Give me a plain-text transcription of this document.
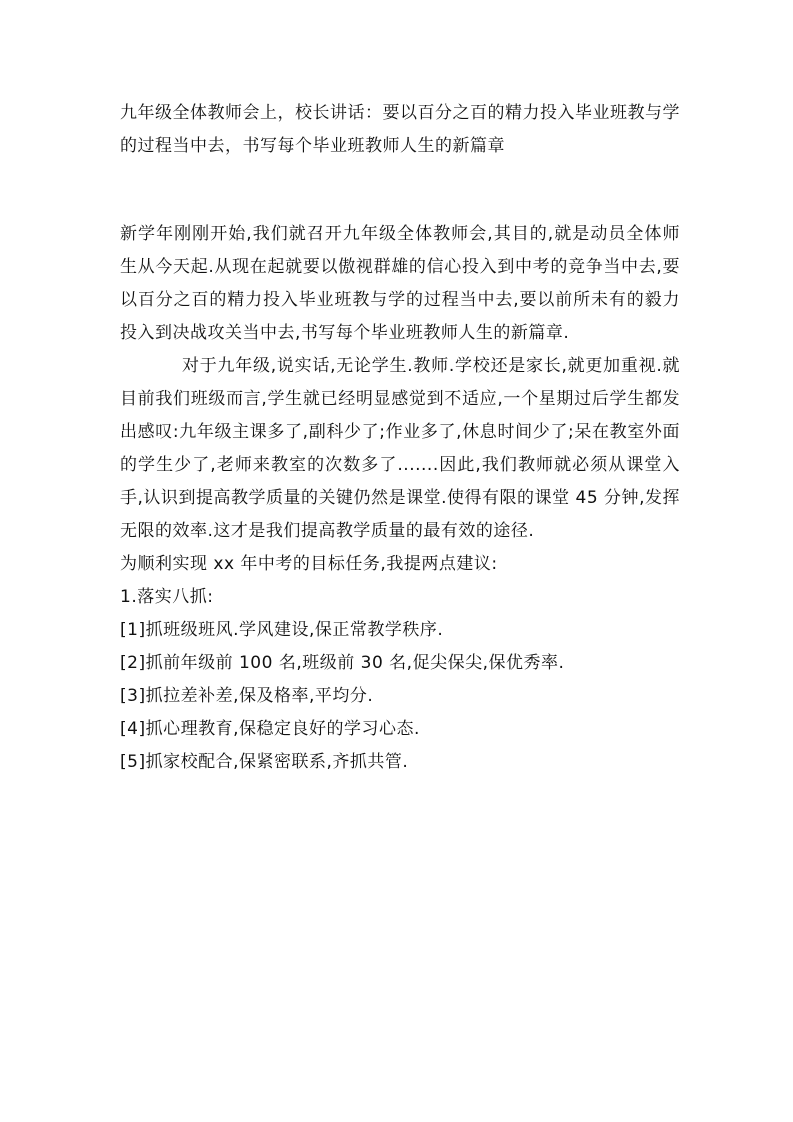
九年级全体教师会上，校长讲话：要以百分之百的精力投入毕业班教与学的过程当中去，书写每个毕业班教师人生的新篇章

新学年刚刚开始,我们就召开九年级全体教师会,其目的,就是动员全体师生从今天起.从现在起就要以傲视群雄的信心投入到中考的竞争当中去,要以百分之百的精力投入毕业班教与学的过程当中去,要以前所未有的毅力投入到决战攻关当中去,书写每个毕业班教师人生的新篇章.

对于九年级,说实话,无论学生.教师.学校还是家长,就更加重视.就目前我们班级而言,学生就已经明显感觉到不适应,一个星期过后学生都发出感叹:九年级主课多了,副科少了;作业多了,休息时间少了;呆在教室外面的学生少了,老师来教室的次数多了.......因此,我们教师就必须从课堂入手,认识到提高教学质量的关键仍然是课堂.使得有限的课堂 45 分钟,发挥无限的效率.这才是我们提高教学质量的最有效的途径.

为顺利实现 xx 年中考的目标任务,我提两点建议:

1.落实八抓:

[1]抓班级班风.学风建设,保正常教学秩序.

[2]抓前年级前 100 名,班级前 30 名,促尖保尖,保优秀率.

[3]抓拉差补差,保及格率,平均分.

[4]抓心理教育,保稳定良好的学习心态.

[5]抓家校配合,保紧密联系,齐抓共管.
